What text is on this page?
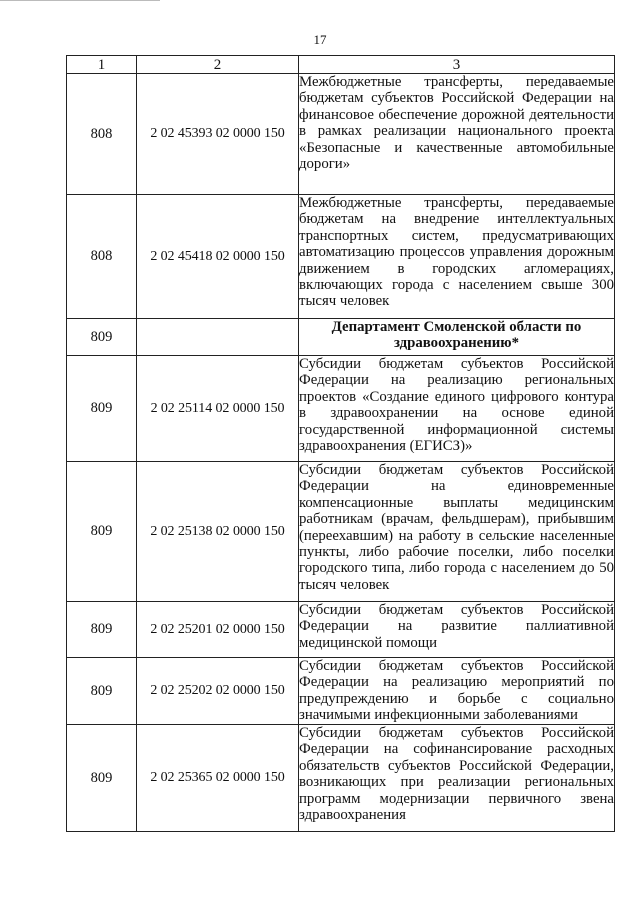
17
1	2	3
808	2 02 45393 02 0000 150	Межбюджетные трансферты, передаваемые бюджетам субъектов Российской Федерации на финансовое обеспечение дорожной деятельности в рамках реализации национального проекта «Безопасные и качественные автомобильные дороги»
808	2 02 45418 02 0000 150	Межбюджетные трансферты, передаваемые бюджетам на внедрение интеллектуальных транспортных систем, предусматривающих автоматизацию процессов управления дорожным движением в городских агломерациях, включающих города с населением свыше 300 тысяч человек
809		Департамент Смоленской области по здравоохранению*
809	2 02 25114 02 0000 150	Субсидии бюджетам субъектов Российской Федерации на реализацию региональных проектов «Создание единого цифрового контура в здравоохранении на основе единой государственной информационной системы здравоохранения (ЕГИСЗ)»
809	2 02 25138 02 0000 150	Субсидии бюджетам субъектов Российской Федерации на единовременные компенсационные выплаты медицинским работникам (врачам, фельдшерам), прибывшим (переехавшим) на работу в сельские населенные пункты, либо рабочие поселки, либо поселки городского типа, либо города с населением до 50 тысяч человек
809	2 02 25201 02 0000 150	Субсидии бюджетам субъектов Российской Федерации на развитие паллиативной медицинской помощи
809	2 02 25202 02 0000 150	Субсидии бюджетам субъектов Российской Федерации на реализацию мероприятий по предупреждению и борьбе с социально значимыми инфекционными заболеваниями
809	2 02 25365 02 0000 150	Субсидии бюджетам субъектов Российской Федерации на софинансирование расходных обязательств субъектов Российской Федерации, возникающих при реализации региональных программ модернизации первичного звена здравоохранения
